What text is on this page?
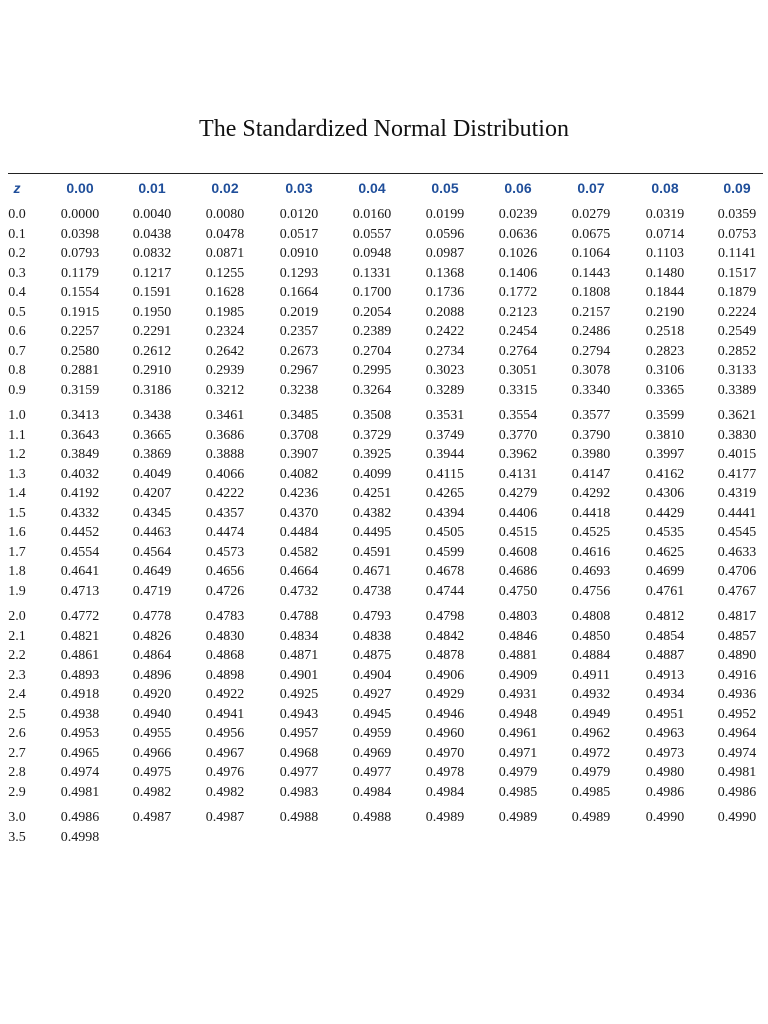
The Standardized Normal Distribution
z	0.00	0.01	0.02	0.03	0.04	0.05	0.06	0.07	0.08	0.09
0.0	0.0000	0.0040	0.0080	0.0120	0.0160	0.0199	0.0239	0.0279	0.0319	0.0359
0.1	0.0398	0.0438	0.0478	0.0517	0.0557	0.0596	0.0636	0.0675	0.0714	0.0753
0.2	0.0793	0.0832	0.0871	0.0910	0.0948	0.0987	0.1026	0.1064	0.1103	0.1141
0.3	0.1179	0.1217	0.1255	0.1293	0.1331	0.1368	0.1406	0.1443	0.1480	0.1517
0.4	0.1554	0.1591	0.1628	0.1664	0.1700	0.1736	0.1772	0.1808	0.1844	0.1879
0.5	0.1915	0.1950	0.1985	0.2019	0.2054	0.2088	0.2123	0.2157	0.2190	0.2224
0.6	0.2257	0.2291	0.2324	0.2357	0.2389	0.2422	0.2454	0.2486	0.2518	0.2549
0.7	0.2580	0.2612	0.2642	0.2673	0.2704	0.2734	0.2764	0.2794	0.2823	0.2852
0.8	0.2881	0.2910	0.2939	0.2967	0.2995	0.3023	0.3051	0.3078	0.3106	0.3133
0.9	0.3159	0.3186	0.3212	0.3238	0.3264	0.3289	0.3315	0.3340	0.3365	0.3389
1.0	0.3413	0.3438	0.3461	0.3485	0.3508	0.3531	0.3554	0.3577	0.3599	0.3621
1.1	0.3643	0.3665	0.3686	0.3708	0.3729	0.3749	0.3770	0.3790	0.3810	0.3830
1.2	0.3849	0.3869	0.3888	0.3907	0.3925	0.3944	0.3962	0.3980	0.3997	0.4015
1.3	0.4032	0.4049	0.4066	0.4082	0.4099	0.4115	0.4131	0.4147	0.4162	0.4177
1.4	0.4192	0.4207	0.4222	0.4236	0.4251	0.4265	0.4279	0.4292	0.4306	0.4319
1.5	0.4332	0.4345	0.4357	0.4370	0.4382	0.4394	0.4406	0.4418	0.4429	0.4441
1.6	0.4452	0.4463	0.4474	0.4484	0.4495	0.4505	0.4515	0.4525	0.4535	0.4545
1.7	0.4554	0.4564	0.4573	0.4582	0.4591	0.4599	0.4608	0.4616	0.4625	0.4633
1.8	0.4641	0.4649	0.4656	0.4664	0.4671	0.4678	0.4686	0.4693	0.4699	0.4706
1.9	0.4713	0.4719	0.4726	0.4732	0.4738	0.4744	0.4750	0.4756	0.4761	0.4767
2.0	0.4772	0.4778	0.4783	0.4788	0.4793	0.4798	0.4803	0.4808	0.4812	0.4817
2.1	0.4821	0.4826	0.4830	0.4834	0.4838	0.4842	0.4846	0.4850	0.4854	0.4857
2.2	0.4861	0.4864	0.4868	0.4871	0.4875	0.4878	0.4881	0.4884	0.4887	0.4890
2.3	0.4893	0.4896	0.4898	0.4901	0.4904	0.4906	0.4909	0.4911	0.4913	0.4916
2.4	0.4918	0.4920	0.4922	0.4925	0.4927	0.4929	0.4931	0.4932	0.4934	0.4936
2.5	0.4938	0.4940	0.4941	0.4943	0.4945	0.4946	0.4948	0.4949	0.4951	0.4952
2.6	0.4953	0.4955	0.4956	0.4957	0.4959	0.4960	0.4961	0.4962	0.4963	0.4964
2.7	0.4965	0.4966	0.4967	0.4968	0.4969	0.4970	0.4971	0.4972	0.4973	0.4974
2.8	0.4974	0.4975	0.4976	0.4977	0.4977	0.4978	0.4979	0.4979	0.4980	0.4981
2.9	0.4981	0.4982	0.4982	0.4983	0.4984	0.4984	0.4985	0.4985	0.4986	0.4986
3.0	0.4986	0.4987	0.4987	0.4988	0.4988	0.4989	0.4989	0.4989	0.4990	0.4990
3.5	0.4998
